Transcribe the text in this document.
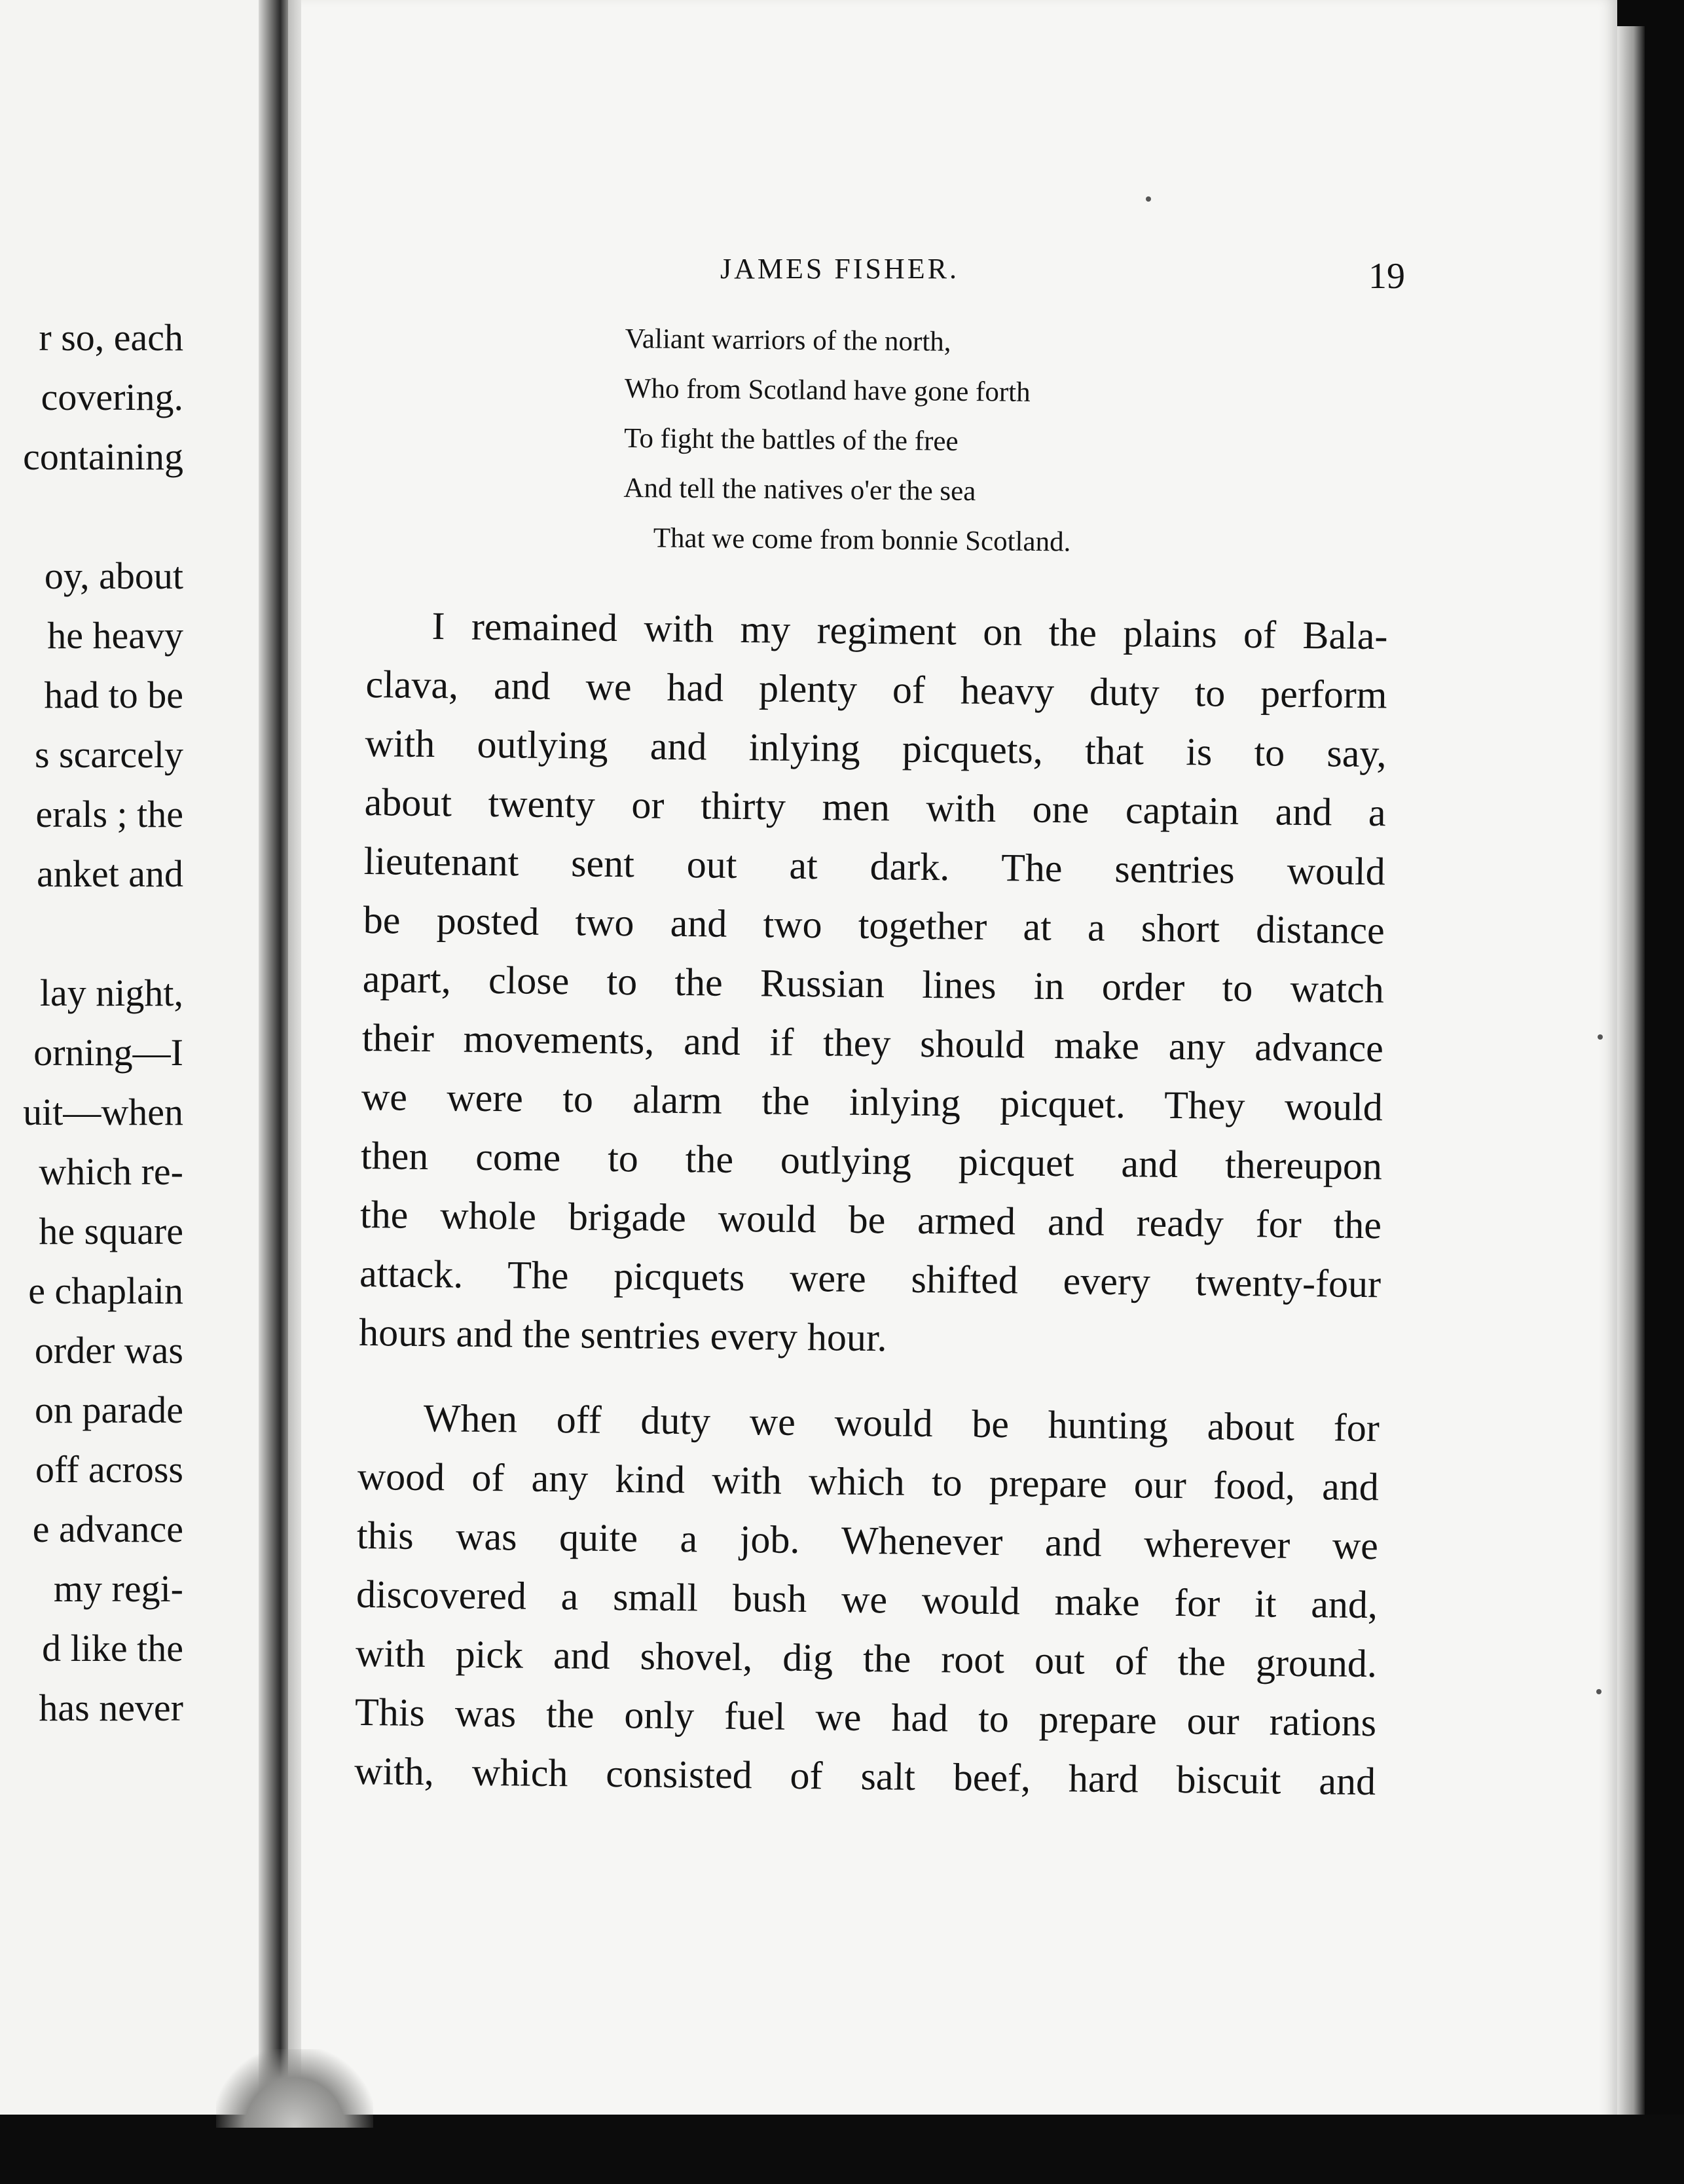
r so, each
covering.
containing
oy, about
he heavy
had to be
s scarcely
erals ; the
anket and
lay night,
orning—I
uit—when
which re-
he square
e chaplain
order was
on parade
off across
e advance
my regi-
d like the
has never
JAMES FISHER.	19
Valiant warriors of the north,
Who from Scotland have gone forth
To fight the battles of the free
And tell the natives o'er the sea
That we come from bonnie Scotland.
I remained with my regiment on the plains of Bala-
clava, and we had plenty of heavy duty to perform
with outlying and inlying picquets, that is to say,
about twenty or thirty men with one captain and a
lieutenant sent out at dark. The sentries would
be posted two and two together at a short distance
apart, close to the Russian lines in order to watch
their movements, and if they should make any advance
we were to alarm the inlying picquet. They would
then come to the outlying picquet and thereupon
the whole brigade would be armed and ready for the
attack. The picquets were shifted every twenty-four
hours and the sentries every hour.
When off duty we would be hunting about for
wood of any kind with which to prepare our food, and
this was quite a job. Whenever and wherever we
discovered a small bush we would make for it and,
with pick and shovel, dig the root out of the ground.
This was the only fuel we had to prepare our rations
with, which consisted of salt beef, hard biscuit and
